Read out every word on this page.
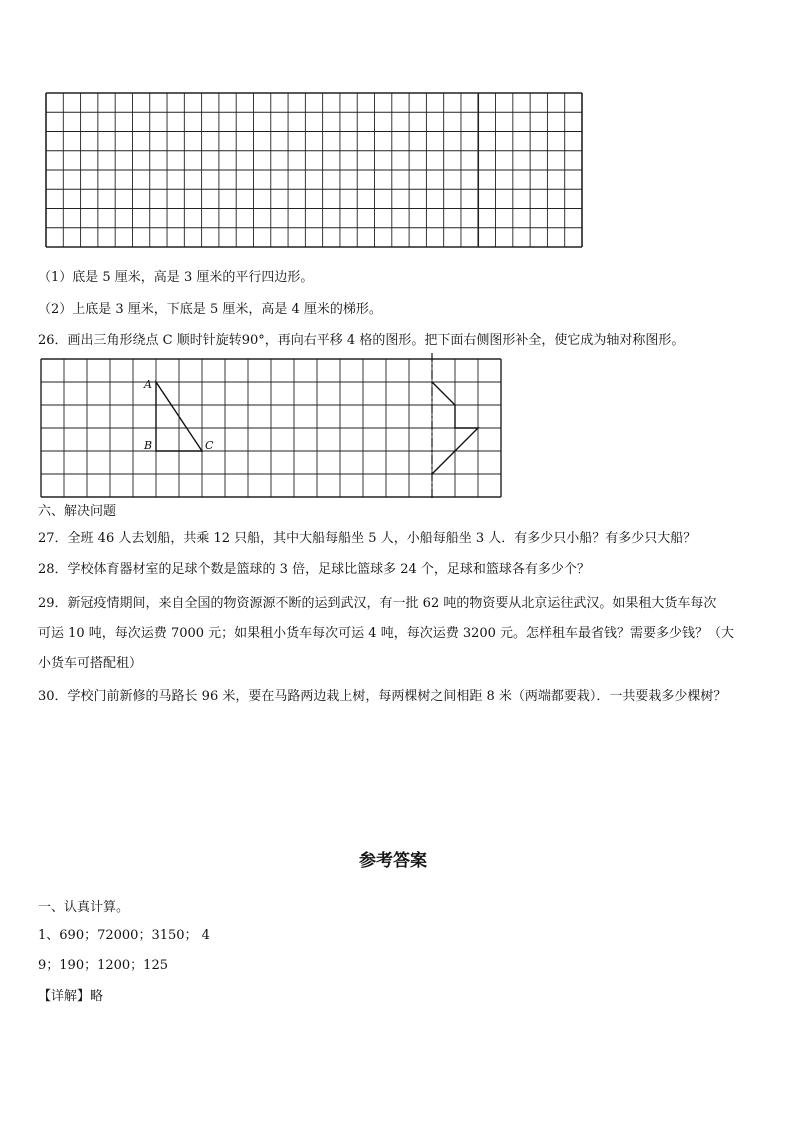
（1）底是 5 厘米，高是 3 厘米的平行四边形。
（2）上底是 3 厘米，下底是 5 厘米，高是 4 厘米的梯形。
26．画出三角形绕点 C 顺时针旋转90°，再向右平移 4 格的图形。把下面右侧图形补全，使它成为轴对称图形。
A
B	C
六、解决问题
27．全班 46 人去划船，共乘 12 只船，其中大船每船坐 5 人，小船每船坐 3 人．有多少只小船？有多少只大船？
28．学校体育器材室的足球个数是篮球的 3 倍，足球比篮球多 24 个，足球和篮球各有多少个？
29．新冠疫情期间，来自全国的物资源源不断的运到武汉，有一批 62 吨的物资要从北京运往武汉。如果租大货车每次
可运 10 吨，每次运费 7000 元；如果租小货车每次可运 4 吨，每次运费 3200 元。怎样租车最省钱？需要多少钱？（大
小货车可搭配租）
30．学校门前新修的马路长 96 米，要在马路两边栽上树，每两棵树之间相距 8 米（两端都要栽）．一共要栽多少棵树？
参考答案
一、认真计算。
1、690；72000；3150； 4
9；190；1200；125
【详解】略
